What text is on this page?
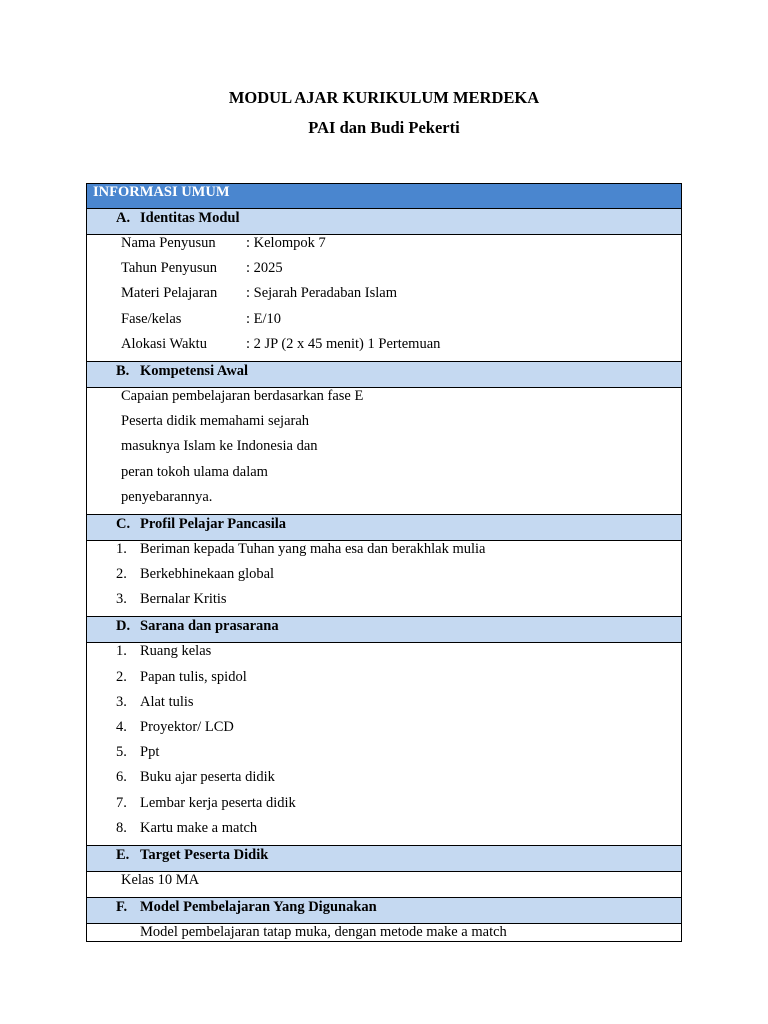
MODUL AJAR KURIKULUM MERDEKA
PAI dan Budi Pekerti
INFORMASI UMUM
A. Identitas Modul
Nama Penyusun : Kelompok 7
Tahun Penyusun : 2025
Materi Pelajaran : Sejarah Peradaban Islam
Fase/kelas	: E/10
Alokasi Waktu	: 2 JP (2 x 45 menit) 1 Pertemuan
B. Kompetensi Awal
Capaian pembelajaran berdasarkan fase E
Peserta didik memahami sejarah
masuknya Islam ke Indonesia dan
peran tokoh ulama dalam
penyebarannya.
C. Profil Pelajar Pancasila
1. Beriman kepada Tuhan yang maha esa dan berakhlak mulia
2. Berkebhinekaan global
3. Bernalar Kritis
D. Sarana dan prasarana
1. Ruang kelas
2. Papan tulis, spidol
3. Alat tulis
4. Proyektor/ LCD
5. Ppt
6. Buku ajar peserta didik
7. Lembar kerja peserta didik
8. Kartu make a match
E. Target Peserta Didik
Kelas 10 MA
F. Model Pembelajaran Yang Digunakan
Model pembelajaran tatap muka, dengan metode make a match
